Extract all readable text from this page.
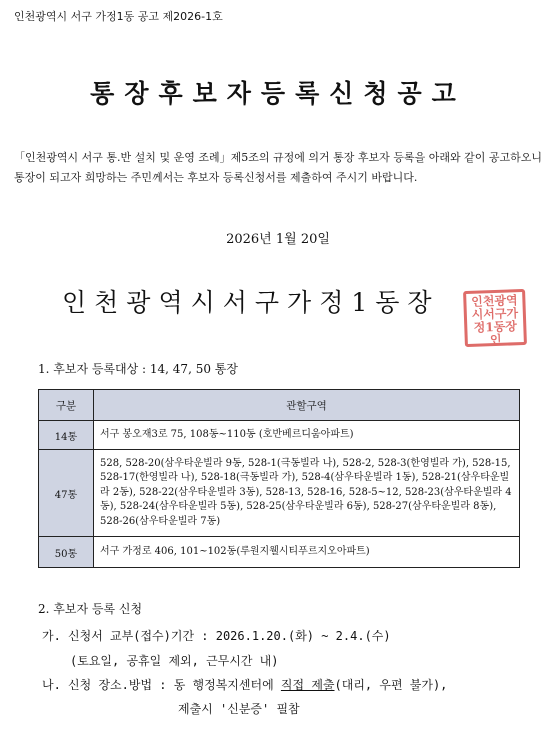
인천광역시 서구 가정1동 공고 제2026-1호
통장후보자등록신청공고
「인천광역시 서구 통.반 설치 및 운영 조례」제5조의 규정에 의거 통장 후보자 등록을 아래와 같이 공고하오니 통장이 되고자 희망하는 주민께서는 후보자 등록신청서를 제출하여 주시기 바랍니다.
2026년 1월 20일
인천광역시서구가정1동장	인천광역시서구가정1동장인
1. 후보자 등록대상 : 14, 47, 50 통장
구분	관할구역
14통	서구 봉오재3로 75, 108동~110동 (호반베르디움아파트)
47통	528, 528-20(삼우타운빌라 9동, 528-1(극동빌라 나), 528-2, 528-3(한영빌라 가), 528-15, 528-17(한영빌라 나), 528-18(극동빌라 가), 528-4(삼우타운빌라 1동), 528-21(삼우타운빌라 2동), 528-22(삼우타운빌라 3동), 528-13, 528-16, 528-5~12, 528-23(삼우타운빌라 4동), 528-24(삼우타운빌라 5동), 528-25(삼우타운빌라 6동), 528-27(삼우타운빌라 8동), 528-26(삼우타운빌라 7동)
50통	서구 가정로 406, 101~102동(루원지웰시티푸르지오아파트)
2. 후보자 등록 신청
가. 신청서 교부(접수)기간 : 2026.1.20.(화) ~ 2.4.(수)
(토요일, 공휴일 제외, 근무시간 내)
나. 신청 장소.방법 : 동 행정복지센터에 직접 제출(대리, 우편 불가),
제출시 '신분증' 필참
